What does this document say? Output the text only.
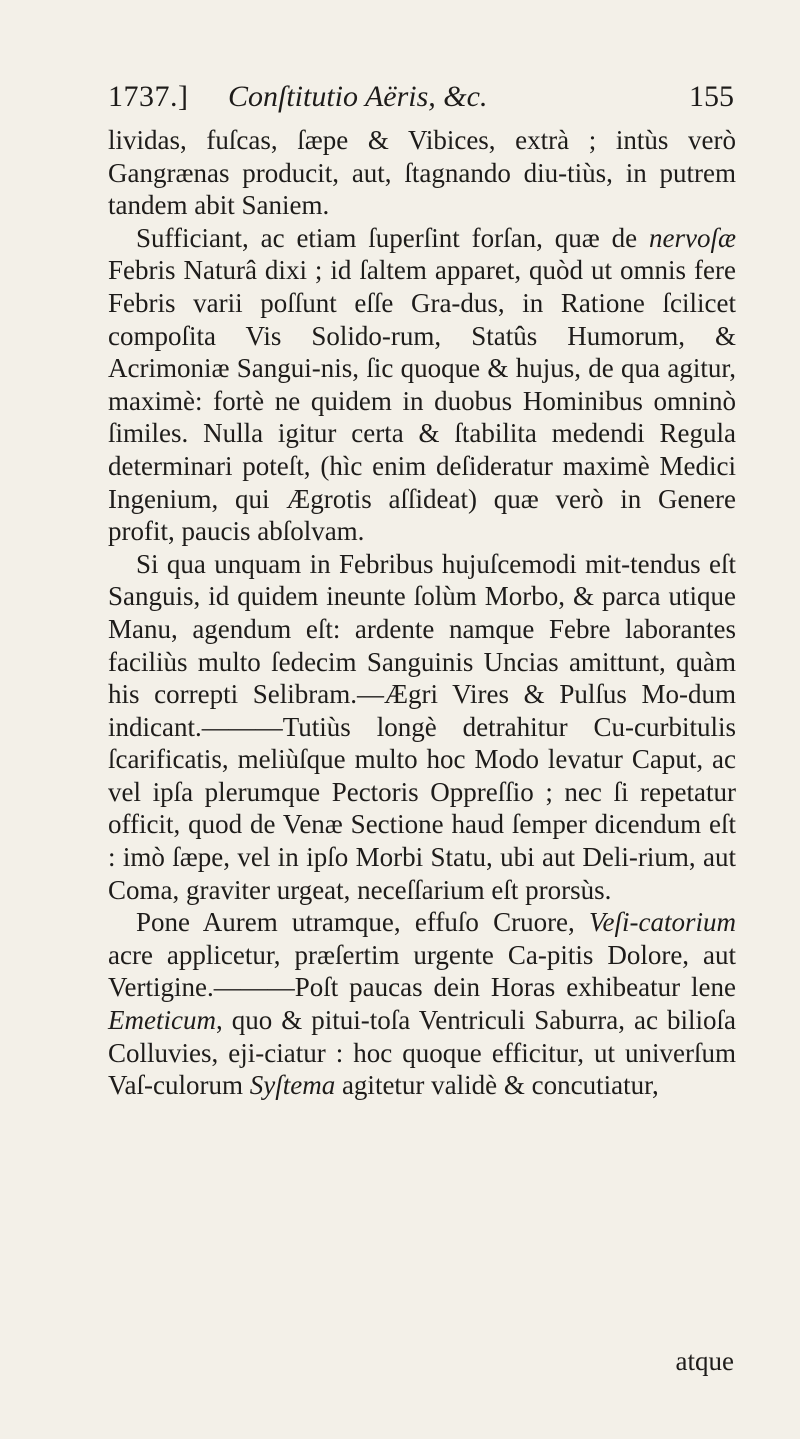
1737.] Conſtitutio Aëris, &c.	155

lividas, fuſcas, ſæpe & Vibices, extrà ; intùs verò Gangrænas producit, aut, ſtagnando diu-tiùs, in putrem tandem abit Saniem.

Sufficiant, ac etiam ſuperſint forſan, quæ de nervoſæ Febris Naturâ dixi ; id ſaltem apparet, quòd ut omnis fere Febris varii poſſunt eſſe Gra-dus, in Ratione ſcilicet compoſita Vis Solido-rum, Statûs Humorum, & Acrimoniæ Sangui-nis, ſic quoque & hujus, de qua agitur, maximè: fortè ne quidem in duobus Hominibus omninò ſimiles. Nulla igitur certa & ſtabilita medendi Regula determinari poteſt, (hìc enim deſideratur maximè Medici Ingenium, qui Ægrotis aſſideat) quæ verò in Genere profit, paucis abſolvam.

Si qua unquam in Febribus hujuſcemodi mit-tendus eſt Sanguis, id quidem ineunte ſolùm Morbo, & parca utique Manu, agendum eſt: ardente namque Febre laborantes faciliùs multo ſedecim Sanguinis Uncias amittunt, quàm his correpti Selibram.—Ægri Vires & Pulſus Mo-dum indicant.———Tutiùs longè detrahitur Cu-curbitulis ſcarificatis, meliùſque multo hoc Modo levatur Caput, ac vel ipſa plerumque Pectoris Oppreſſio ; nec ſi repetatur officit, quod de Venæ Sectione haud ſemper dicendum eſt : imò ſæpe, vel in ipſo Morbi Statu, ubi aut Deli-rium, aut Coma, graviter urgeat, neceſſarium eſt prorsùs.

Pone Aurem utramque, effuſo Cruore, Veſi-catorium acre applicetur, præſertim urgente Ca-pitis Dolore, aut Vertigine.———Poſt paucas dein Horas exhibeatur lene Emeticum, quo & pitui-toſa Ventriculi Saburra, ac bilioſa Colluvies, eji-ciatur : hoc quoque efficitur, ut univerſum Vaſ-culorum Syſtema agitetur validè & concutiatur,

atque
